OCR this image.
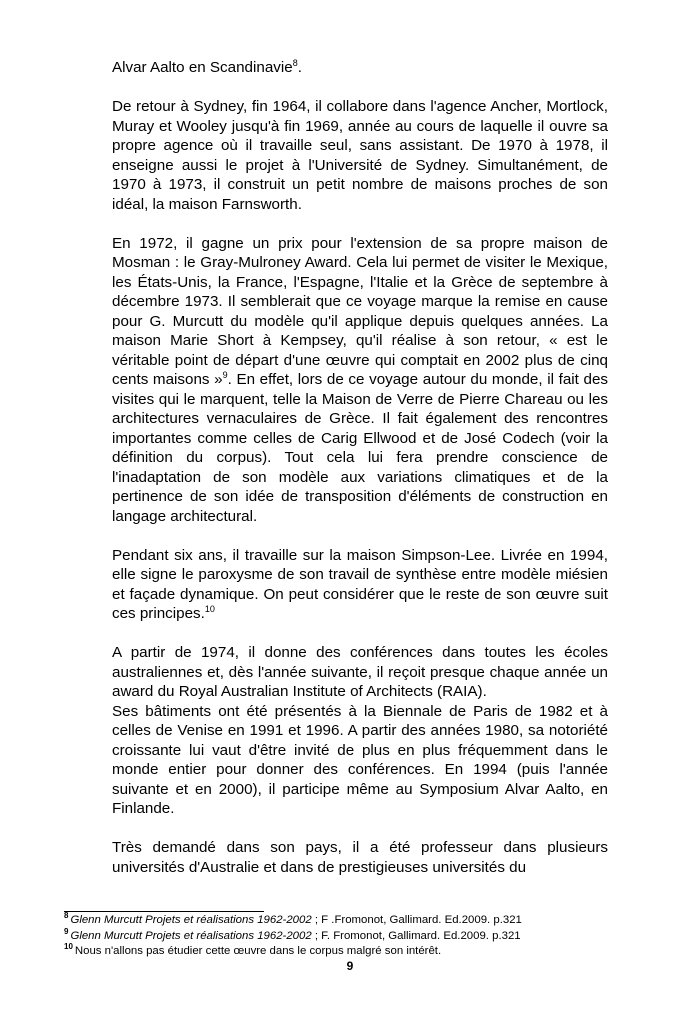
Alvar Aalto en Scandinavie$^8$.

De retour à Sydney, fin 1964, il collabore dans l'agence Ancher, Mortlock, Muray et Wooley jusqu'à fin 1969, année au cours de laquelle il ouvre sa propre agence où il travaille seul, sans assistant. De 1970 à 1978, il enseigne aussi le projet à l'Université de Sydney. Simultanément, de 1970 à 1973, il construit un petit nombre de maisons proches de son idéal, la maison Farnsworth.

En 1972, il gagne un prix pour l'extension de sa propre maison de Mosman : le Gray-Mulroney Award. Cela lui permet de visiter le Mexique, les États-Unis, la France, l'Espagne, l'Italie et la Grèce de septembre à décembre 1973. Il semblerait que ce voyage marque la remise en cause pour G. Murcutt du modèle qu'il applique depuis quelques années. La maison Marie Short à Kempsey, qu'il réalise à son retour, « est le véritable point de départ d'une œuvre qui comptait en 2002 plus de cinq cents maisons »$^9$. En effet, lors de ce voyage autour du monde, il fait des visites qui le marquent, telle la Maison de Verre de Pierre Chareau ou les architectures vernaculaires de Grèce. Il fait également des rencontres importantes comme celles de Carig Ellwood et de José Codech (voir la définition du corpus). Tout cela lui fera prendre conscience de l'inadaptation de son modèle aux variations climatiques et de la pertinence de son idée de transposition d'éléments de construction en langage architectural.

Pendant six ans, il travaille sur la maison Simpson-Lee. Livrée en 1994, elle signe le paroxysme de son travail de synthèse entre modèle miésien et façade dynamique. On peut considérer que le reste de son œuvre suit ces principes.$^{10}$

A partir de 1974, il donne des conférences dans toutes les écoles australiennes et, dès l'année suivante, il reçoit presque chaque année un award du Royal Australian Institute of Architects (RAIA).

Ses bâtiments ont été présentés à la Biennale de Paris de 1982 et à celles de Venise en 1991 et 1996. A partir des années 1980, sa notoriété croissante lui vaut d'être invité de plus en plus fréquemment dans le monde entier pour donner des conférences. En 1994 (puis l'année suivante et en 2000), il participe même au Symposium Alvar Aalto, en Finlande.

Très demandé dans son pays, il a été professeur dans plusieurs universités d'Australie et dans de prestigieuses universités du

$^8$ Glenn Murcutt Projets et réalisations 1962-2002 ; F .Fromonot, Gallimard. Ed.2009. p.321
$^9$ Glenn Murcutt Projets et réalisations 1962-2002 ; F. Fromonot, Gallimard. Ed.2009. p.321
$^{10}$ Nous n'allons pas étudier cette œuvre dans le corpus malgré son intérêt.
9
